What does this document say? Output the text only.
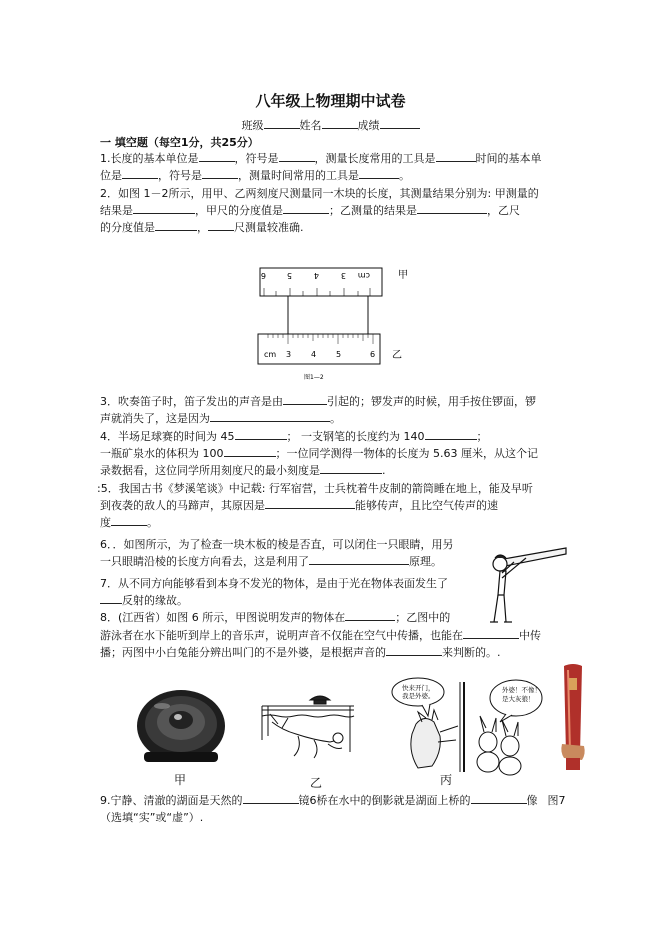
八年级上物理期中试卷
班级	姓名	成绩
一 填空题（每空1分，共25分）
1.长度的基本单位是	，符号是	，测量长度常用的工具是	时间的基本单
位是	，符号是	，测量时间常用的工具是	。
2．如图 1－2所示，用甲、乙两刻度尺测量同一木块的长度，其测量结果分别为: 甲测量的
结果是	，甲尺的分度值是	；乙测量的结果是	，乙尺
的分度值是	， 尺测量较准确.
6	5	4	3 cm	甲
cm 3 4 5	6 乙
图1—2
3．吹奏笛子时，笛子发出的声音是由	引起的；锣发声的时候，用手按住锣面，锣
声就消失了，这是因为	。
4．半场足球赛的时间为 45	； 一支钢笔的长度约为 140	；
一瓶矿泉水的体积为 100	；一位同学测得一物体的长度为 5.63 厘米，从这个记
录数据看，这位同学所用刻度尺的最小刻度是	.
:5．我国古书《梦溪笔谈》中记载: 行军宿营，士兵枕着牛皮制的箭筒睡在地上，能及早听
到夜袭的敌人的马蹄声，其原因是	能够传声，且比空气传声的速
度	。
6．．如图所示，为了检查一块木板的棱是否直，可以闭住一只眼睛，用另
一只眼睛沿棱的长度方向看去，这是利用了	原理。
7．从不同方向能够看到本身不发光的物体，是由于光在物体表面发生了
反射的缘故。
8．(江西省）如图 6 所示，甲图说明发声的物体在	；乙图中的
游泳者在水下能听到岸上的音乐声，说明声音不仅能在空气中传播，也能在	中传
播；丙图中小白兔能分辨出叫门的不是外婆，是根据声音的	来判断的。.
甲	乙
快来开门，
我是外婆。
外婆！不像！
是大灰狼！
丙
9.宁静、清澈的湖面是天然的	镜6桥在水中的倒影就是湖面上桥的	像 图7
（选填“实”或“虚”）.
